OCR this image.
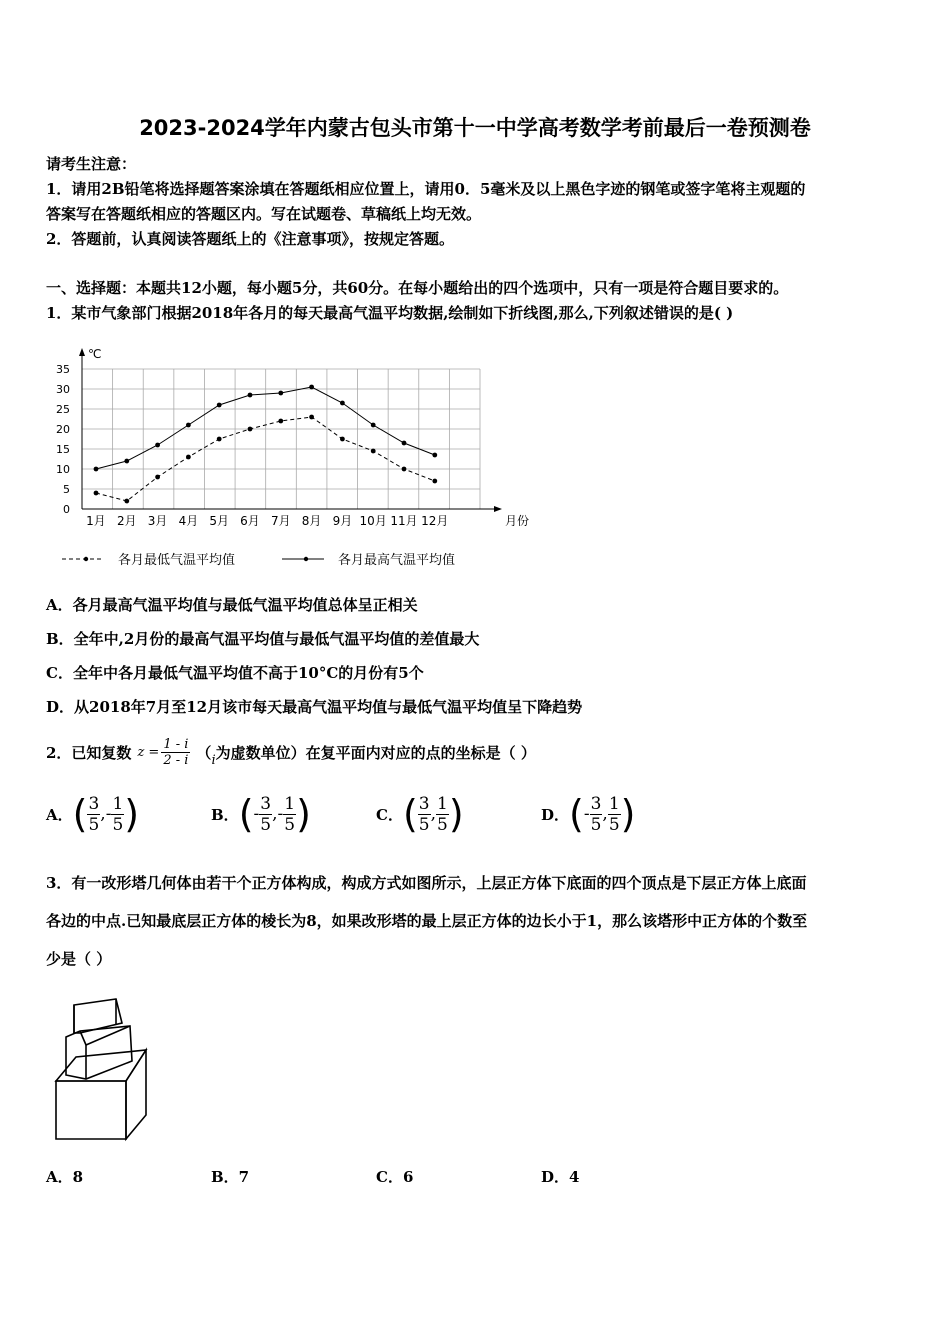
2023-2024学年内蒙古包头市第十一中学高考数学考前最后一卷预测卷
请考生注意：
1．请用2B铅笔将选择题答案涂填在答题纸相应位置上，请用0．5毫米及以上黑色字迹的钢笔或签字笔将主观题的
答案写在答题纸相应的答题区内。写在试题卷、草稿纸上均无效。
2．答题前，认真阅读答题纸上的《注意事项》，按规定答题。
一、选择题：本题共12小题，每小题5分，共60分。在每小题给出的四个选项中，只有一项是符合题目要求的。
1．某市气象部门根据2018年各月的每天最高气温平均数据,绘制如下折线图,那么,下列叙述错误的是( )
℃
0
5
10
15
20
25
30
35
1月 2月 3月 4月 5月 6月 7月 8月 9月 10月 11月 12月	月份
各月最低气温平均值	各月最高气温平均值
A．各月最高气温平均值与最低气温平均值总体呈正相关
B．全年中,2月份的最高气温平均值与最低气温平均值的差值最大
C．全年中各月最低气温平均值不高于10°C的月份有5个
D．从2018年7月至12月该市每天最高气温平均值与最低气温平均值呈下降趋势
2．已知复数 $z = \frac{1 - i}{2 - i}$ （ i 为虚数单位）在复平面内对应的点的坐标是（ ）
A． ( $\frac{3}{5}$ , - $\frac{1}{5}$ )	B． ( - $\frac{3}{5}$ , - $\frac{1}{5}$ )	C． ( $\frac{3}{5}$ , $\frac{1}{5}$ )	D． ( - $\frac{3}{5}$ , $\frac{1}{5}$ )
3．有一改形塔几何体由若干个正方体构成，构成方式如图所示，上层正方体下底面的四个顶点是下层正方体上底面
各边的中点.已知最底层正方体的棱长为8，如果改形塔的最上层正方体的边长小于1，那么该塔形中正方体的个数至
少是（ ）
A．8	B．7	C．6	D．4
